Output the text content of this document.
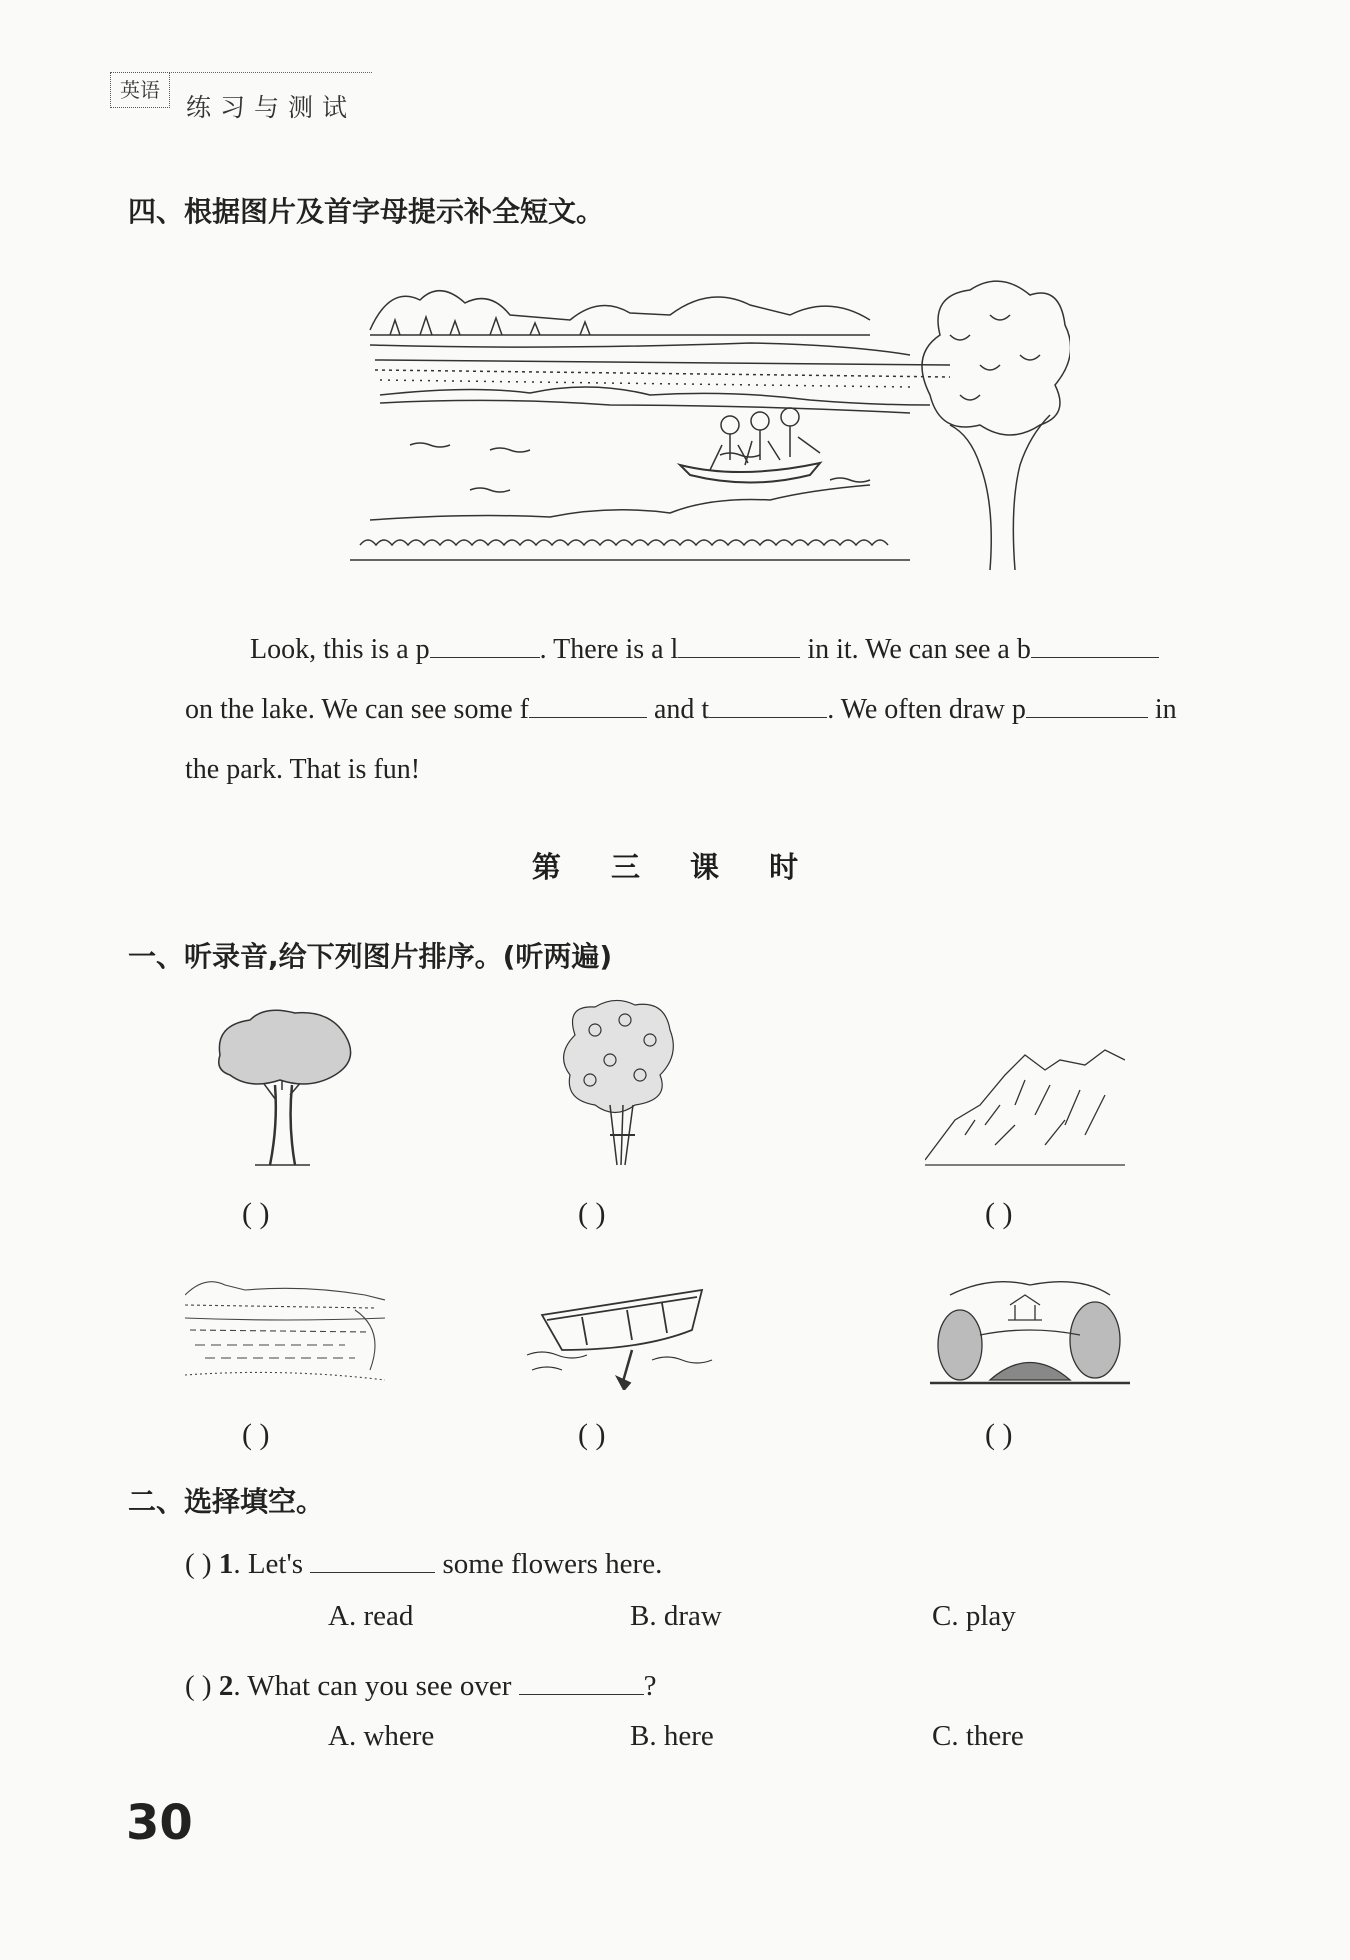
英语
练习与测试
四、根据图片及首字母提示补全短文。

Look, this is a p	. There is a l	in it. We can see a b

on the lake. We can see some f	and t	. We often draw p	in

the park. That is fun!

第 三 课 时
一、听录音,给下列图片排序。(听两遍)
( )	( )	( )
( )	( )	( )
二、选择填空。
( ) 1. Let's	some flowers here.
A. read	B. draw	C. play
( ) 2. What can you see over	?
A. where	B. here	C. there
30
